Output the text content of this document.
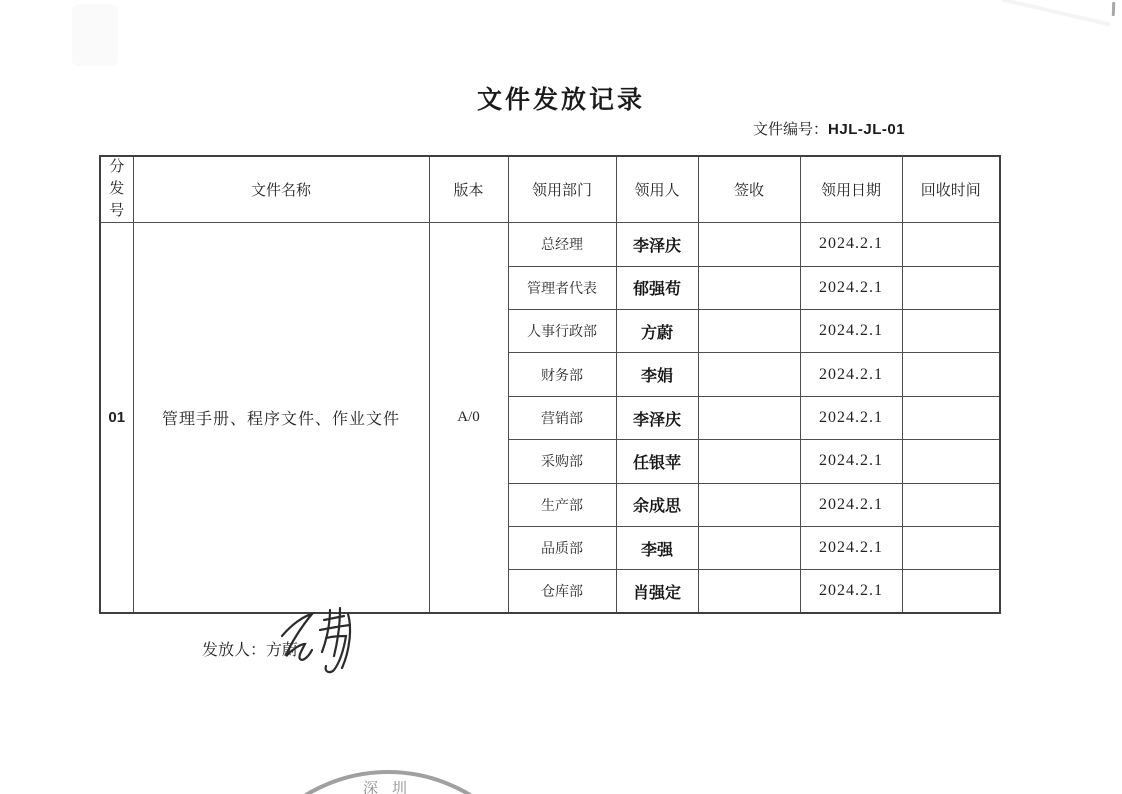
文件发放记录
文件编号：HJL-JL-01
分发号	文件名称	版本	领用部门	领用人	签收	领用日期	回收时间
01	管理手册、程序文件、作业文件	A/0	总经理	李泽庆		2024.2.1	
			管理者代表	郁强苟		2024.2.1	
			人事行政部	方蔚		2024.2.1	
			财务部	李娟		2024.2.1	
			营销部	李泽庆		2024.2.1	
			采购部	任银苹		2024.2.1	
			生产部	余成思		2024.2.1	
			品质部	李强		2024.2.1	
			仓库部	肖强定		2024.2.1	
发放人：方蔚
深圳
